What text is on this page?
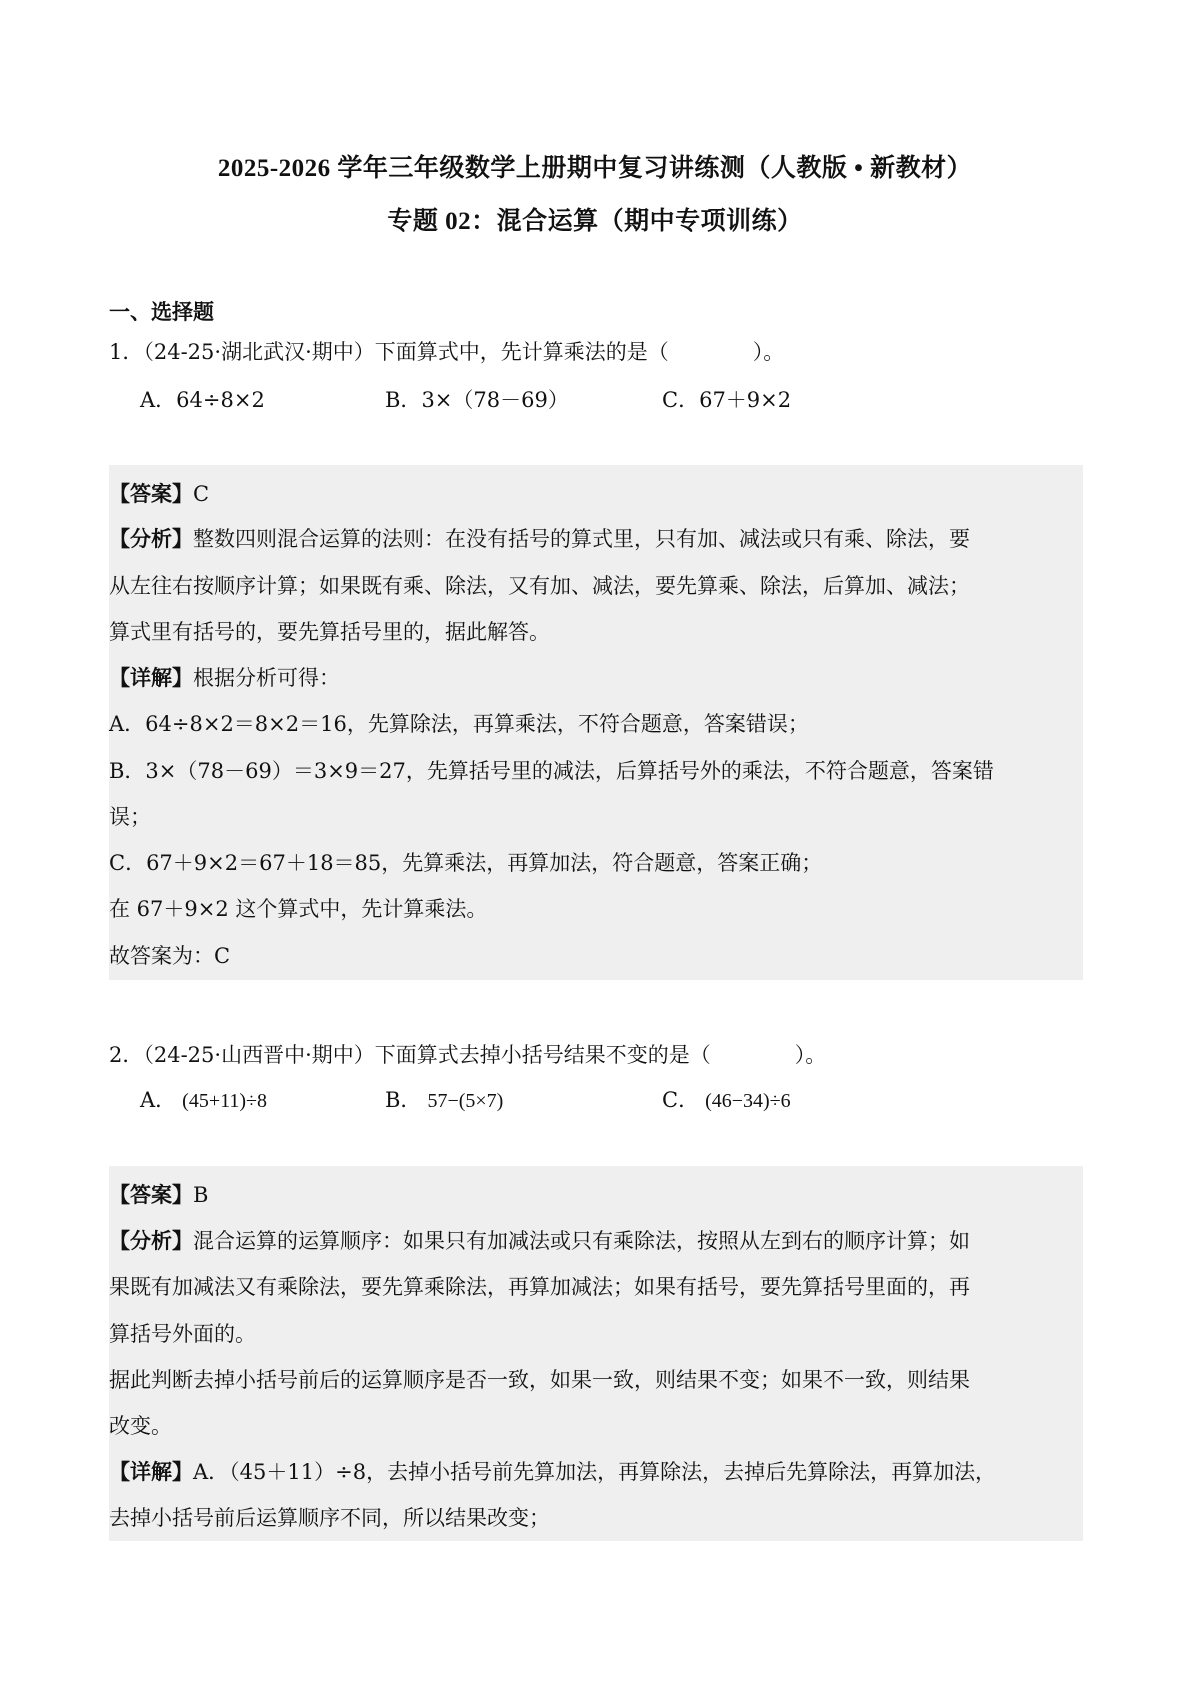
2025-2026 学年三年级数学上册期中复习讲练测（人教版 • 新教材）
专题 02：混合运算（期中专项训练）
一、选择题
1．（24-25·湖北武汉·期中）下面算式中，先计算乘法的是（　　　　）。
A．64÷8×2	B．3×（78－69）	C．67＋9×2
【答案】C
【分析】整数四则混合运算的法则：在没有括号的算式里，只有加、减法或只有乘、除法，要
从左往右按顺序计算；如果既有乘、除法，又有加、减法，要先算乘、除法，后算加、减法；
算式里有括号的，要先算括号里的，据此解答。
【详解】根据分析可得：
A．64÷8×2＝8×2＝16，先算除法，再算乘法，不符合题意，答案错误；
B．3×（78－69）＝3×9＝27，先算括号里的减法，后算括号外的乘法，不符合题意，答案错
误；
C．67＋9×2＝67＋18＝85，先算乘法，再算加法，符合题意，答案正确；
在 67＋9×2 这个算式中，先计算乘法。
故答案为：C
2．（24-25·山西晋中·期中）下面算式去掉小括号结果不变的是（　　　　）。
A． (45+11)÷8	B． 57−(5×7)	C． (46−34)÷6
【答案】B
【分析】混合运算的运算顺序：如果只有加减法或只有乘除法，按照从左到右的顺序计算；如
果既有加减法又有乘除法，要先算乘除法，再算加减法；如果有括号，要先算括号里面的，再
算括号外面的。
据此判断去掉小括号前后的运算顺序是否一致，如果一致，则结果不变；如果不一致，则结果
改变。
【详解】A．（45＋11）÷8，去掉小括号前先算加法，再算除法，去掉后先算除法，再算加法，
去掉小括号前后运算顺序不同，所以结果改变；
